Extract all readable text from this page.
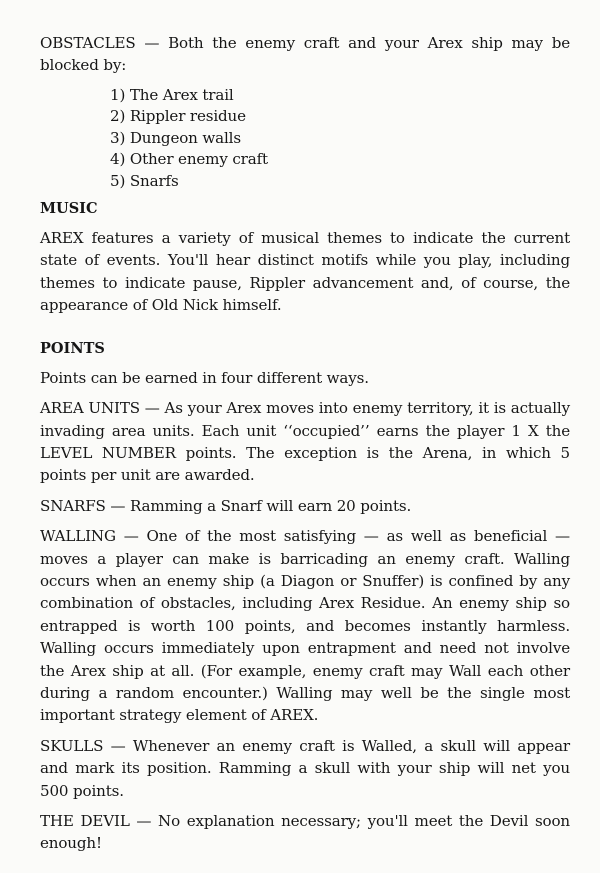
OBSTACLES — Both the enemy craft and your Arex ship may be blocked by:

1) The Arex trail
2) Rippler residue
3) Dungeon walls
4) Other enemy craft
5) Snarfs
MUSIC

AREX features a variety of musical themes to indicate the current state of events. You'll hear distinct motifs while you play, including themes to indicate pause, Rippler advancement and, of course, the appearance of Old Nick himself.

POINTS

Points can be earned in four different ways.

AREA UNITS — As your Arex moves into enemy territory, it is actually invading area units. Each unit ‘‘occupied’’ earns the player 1 X the LEVEL NUMBER points. The exception is the Arena, in which 5 points per unit are awarded.

SNARFS — Ramming a Snarf will earn 20 points.

WALLING — One of the most satisfying — as well as beneficial — moves a player can make is barricading an enemy craft. Walling occurs when an enemy ship (a Diagon or Snuffer) is confined by any combination of obstacles, including Arex Residue. An enemy ship so entrapped is worth 100 points, and becomes instantly harmless. Walling occurs immediately upon entrapment and need not involve the Arex ship at all. (For example, enemy craft may Wall each other during a random encounter.) Walling may well be the single most important strategy element of AREX.

SKULLS — Whenever an enemy craft is Walled, a skull will appear and mark its position. Ramming a skull with your ship will net you 500 points.

THE DEVIL — No explanation necessary; you'll meet the Devil soon enough!
